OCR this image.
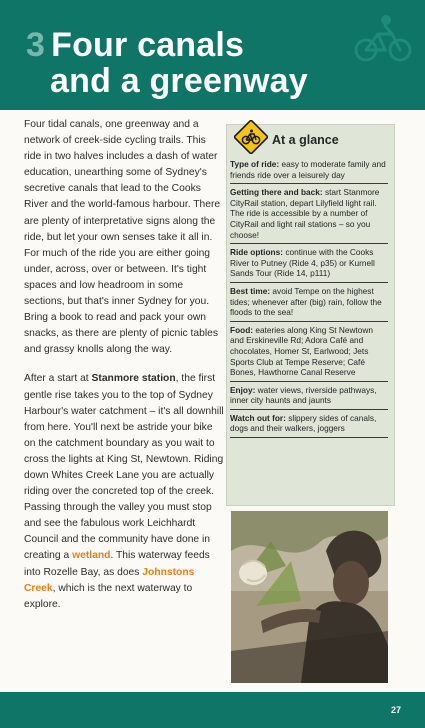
3 Four canals
and a greenway

Four tidal canals, one greenway and a network of creek-side cycling trails. This ride in two halves includes a dash of water education, unearthing some of Sydney's secretive canals that lead to the Cooks River and the world-famous harbour. There are plenty of interpretative signs along the ride, but let your own senses take it all in. For much of the ride you are either going under, across, over or between. It's tight spaces and low headroom in some sections, but that's inner Sydney for you. Bring a book to read and pack your own snacks, as there are plenty of picnic tables and grassy knolls along the way.

After a start at Stanmore station, the first gentle rise takes you to the top of Sydney Harbour's water catchment – it's all downhill from here. You'll next be astride your bike on the catchment boundary as you wait to cross the lights at King St, Newtown. Riding down Whites Creek Lane you are actually riding over the concreted top of the creek. Passing through the valley you must stop and see the fabulous work Leichhardt Council and the community have done in creating a wetland. This waterway feeds into Rozelle Bay, as does Johnstons Creek, which is the next waterway to explore.

At a glance
Type of ride: easy to moderate family and friends ride over a leisurely day
Getting there and back: start Stanmore CityRail station, depart Lilyfield light rail. The ride is accessible by a number of CityRail and light rail stations – so you choose!
Ride options: continue with the Cooks River to Putney (Ride 4, p35) or Kurnell Sands Tour (Ride 14, p111)
Best time: avoid Tempe on the highest tides; whenever after (big) rain, follow the floods to the sea!
Food: eateries along King St Newtown and Erskineville Rd; Adora Café and chocolates, Homer St, Earlwood; Jets Sports Club at Tempe Reserve; Café Bones, Hawthorne Canal Reserve
Enjoy: water views, riverside pathways, inner city haunts and jaunts
Watch out for: slippery sides of canals, dogs and their walkers, joggers
27
